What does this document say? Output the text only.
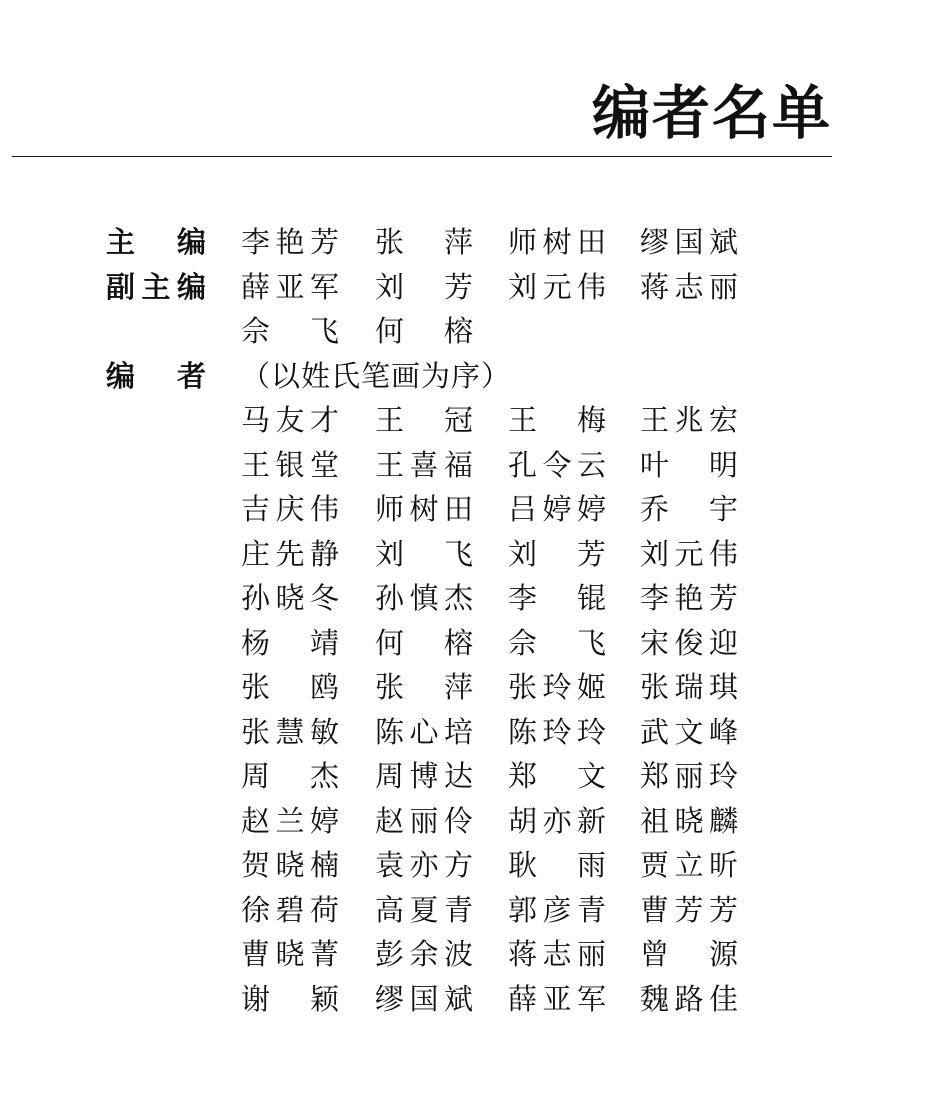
编者名单
主 编 李 艳 芳 张 萍 师 树 田 缪 国 斌
副 主 编 薛 亚 军 刘 芳 刘 元 伟 蒋 志 丽
佘 飞 何 榕
编 者 （以姓氏笔画为序）
马 友 才 王 冠 王 梅 王 兆 宏
王 银 堂 王 喜 福 孔 令 云 叶 明
吉 庆 伟 师 树 田 吕 婷 婷 乔 宇
庄 先 静 刘 飞 刘 芳 刘 元 伟
孙 晓 冬 孙 慎 杰 李 锟 李 艳 芳
杨 靖 何 榕 佘 飞 宋 俊 迎
张 鸥 张 萍 张 玲 姬 张 瑞 琪
张 慧 敏 陈 心 培 陈 玲 玲 武 文 峰
周 杰 周 博 达 郑 文 郑 丽 玲
赵 兰 婷 赵 丽 伶 胡 亦 新 祖 晓 麟
贺 晓 楠 袁 亦 方 耿 雨 贾 立 昕
徐 碧 荷 高 夏 青 郭 彦 青 曹 芳 芳
曹 晓 菁 彭 余 波 蒋 志 丽 曾 源
谢 颖 缪 国 斌 薛 亚 军 魏 路 佳
